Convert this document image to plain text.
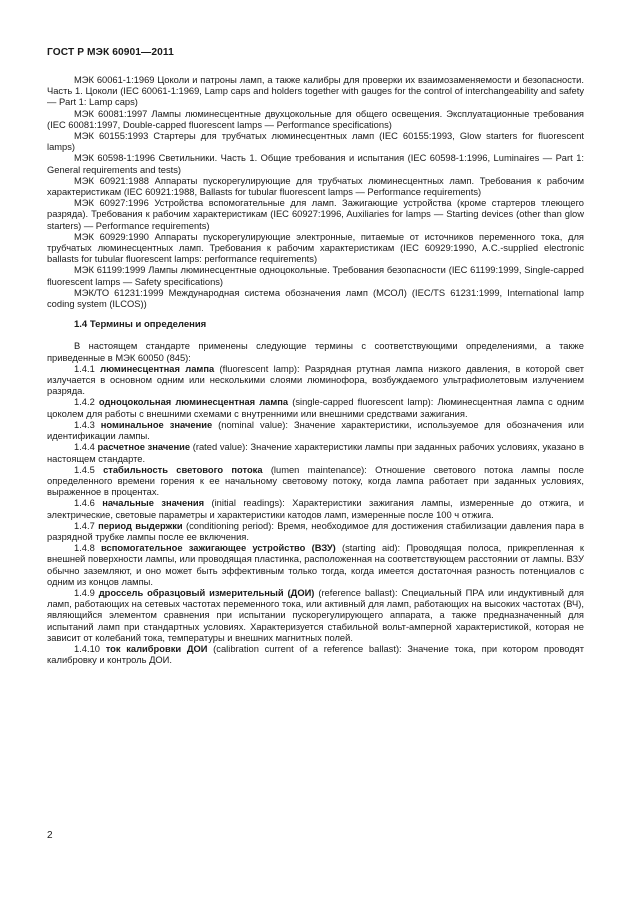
ГОСТ Р МЭК 60901—2011

МЭК 60061-1:1969 Цоколи и патроны ламп, а также калибры для проверки их взаимозаменяемости и безопасности. Часть 1. Цоколи (IEC 60061-1:1969, Lamp caps and holders together with gauges for the control of interchangeability and safety — Part 1: Lamp caps)

МЭК 60081:1997 Лампы люминесцентные двухцокольные для общего освещения. Эксплуатационные требования (IEC 60081:1997, Double-capped fluorescent lamps — Performance specifications)

МЭК 60155:1993 Стартеры для трубчатых люминесцентных ламп (IEC 60155:1993, Glow starters for fluorescent lamps)

МЭК 60598-1:1996 Светильники. Часть 1. Общие требования и испытания (IEC 60598-1:1996, Luminaires — Part 1: General requirements and tests)

МЭК 60921:1988 Аппараты пускорегулирующие для трубчатых люминесцентных ламп. Требования к рабочим характеристикам (IEC 60921:1988, Ballasts for tubular fluorescent lamps — Performance requirements)

МЭК 60927:1996 Устройства вспомогательные для ламп. Зажигающие устройства (кроме стартеров тлеющего разряда). Требования к рабочим характеристикам (IEC 60927:1996, Auxiliaries for lamps — Starting devices (other than glow starters) — Performance requirements)

МЭК 60929:1990 Аппараты пускорегулирующие электронные, питаемые от источников переменного тока, для трубчатых люминесцентных ламп. Требования к рабочим характеристикам (IEC 60929:1990, A.C.-supplied electronic ballasts for tubular fluorescent lamps: performance requirements)

МЭК 61199:1999 Лампы люминесцентные одноцокольные. Требования безопасности (IEC 61199:1999, Single-capped fluorescent lamps — Safety specifications)

МЭК/ТО 61231:1999 Международная система обозначения ламп (МСОЛ) (IEC/TS 61231:1999, International lamp coding system (ILCOS))

1.4 Термины и определения

В настоящем стандарте применены следующие термины с соответствующими определениями, а также приведенные в МЭК 60050 (845):

1.4.1 люминесцентная лампа (fluorescent lamp): Разрядная ртутная лампа низкого давления, в которой свет излучается в основном одним или несколькими слоями люминофора, возбуждаемого ультрафиолетовым излучением разряда.

1.4.2 одноцокольная люминесцентная лампа (single-capped fluorescent lamp): Люминесцентная лампа с одним цоколем для работы с внешними схемами с внутренними или внешними средствами зажигания.

1.4.3 номинальное значение (nominal value): Значение характеристики, используемое для обозначения или идентификации лампы.

1.4.4 расчетное значение (rated value): Значение характеристики лампы при заданных рабочих условиях, указано в настоящем стандарте.

1.4.5 стабильность светового потока (lumen maintenance): Отношение светового потока лампы после определенного времени горения к ее начальному световому потоку, когда лампа работает при заданных условиях, выраженное в процентах.

1.4.6 начальные значения (initial readings): Характеристики зажигания лампы, измеренные до отжига, и электрические, световые параметры и характеристики катодов ламп, измеренные после 100 ч отжига.

1.4.7 период выдержки (conditioning period): Время, необходимое для достижения стабилизации давления пара в разрядной трубке лампы после ее включения.

1.4.8 вспомогательное зажигающее устройство (ВЗУ) (starting aid): Проводящая полоса, прикрепленная к внешней поверхности лампы, или проводящая пластинка, расположенная на соответствующем расстоянии от лампы. ВЗУ обычно заземляют, и оно может быть эффективным только тогда, когда имеется достаточная разность потенциалов с одним из концов лампы.

1.4.9 дроссель образцовый измерительный (ДОИ) (reference ballast): Специальный ПРА или индуктивный для ламп, работающих на сетевых частотах переменного тока, или активный для ламп, работающих на высоких частотах (ВЧ), являющийся элементом сравнения при испытании пускорегулирующего аппарата, а также предназначенный для испытаний ламп при стандартных условиях. Характеризуется стабильной вольт-амперной характеристикой, которая не зависит от колебаний тока, температуры и внешних магнитных полей.

1.4.10 ток калибровки ДОИ (calibration current of a reference ballast): Значение тока, при котором проводят калибровку и контроль ДОИ.

2
